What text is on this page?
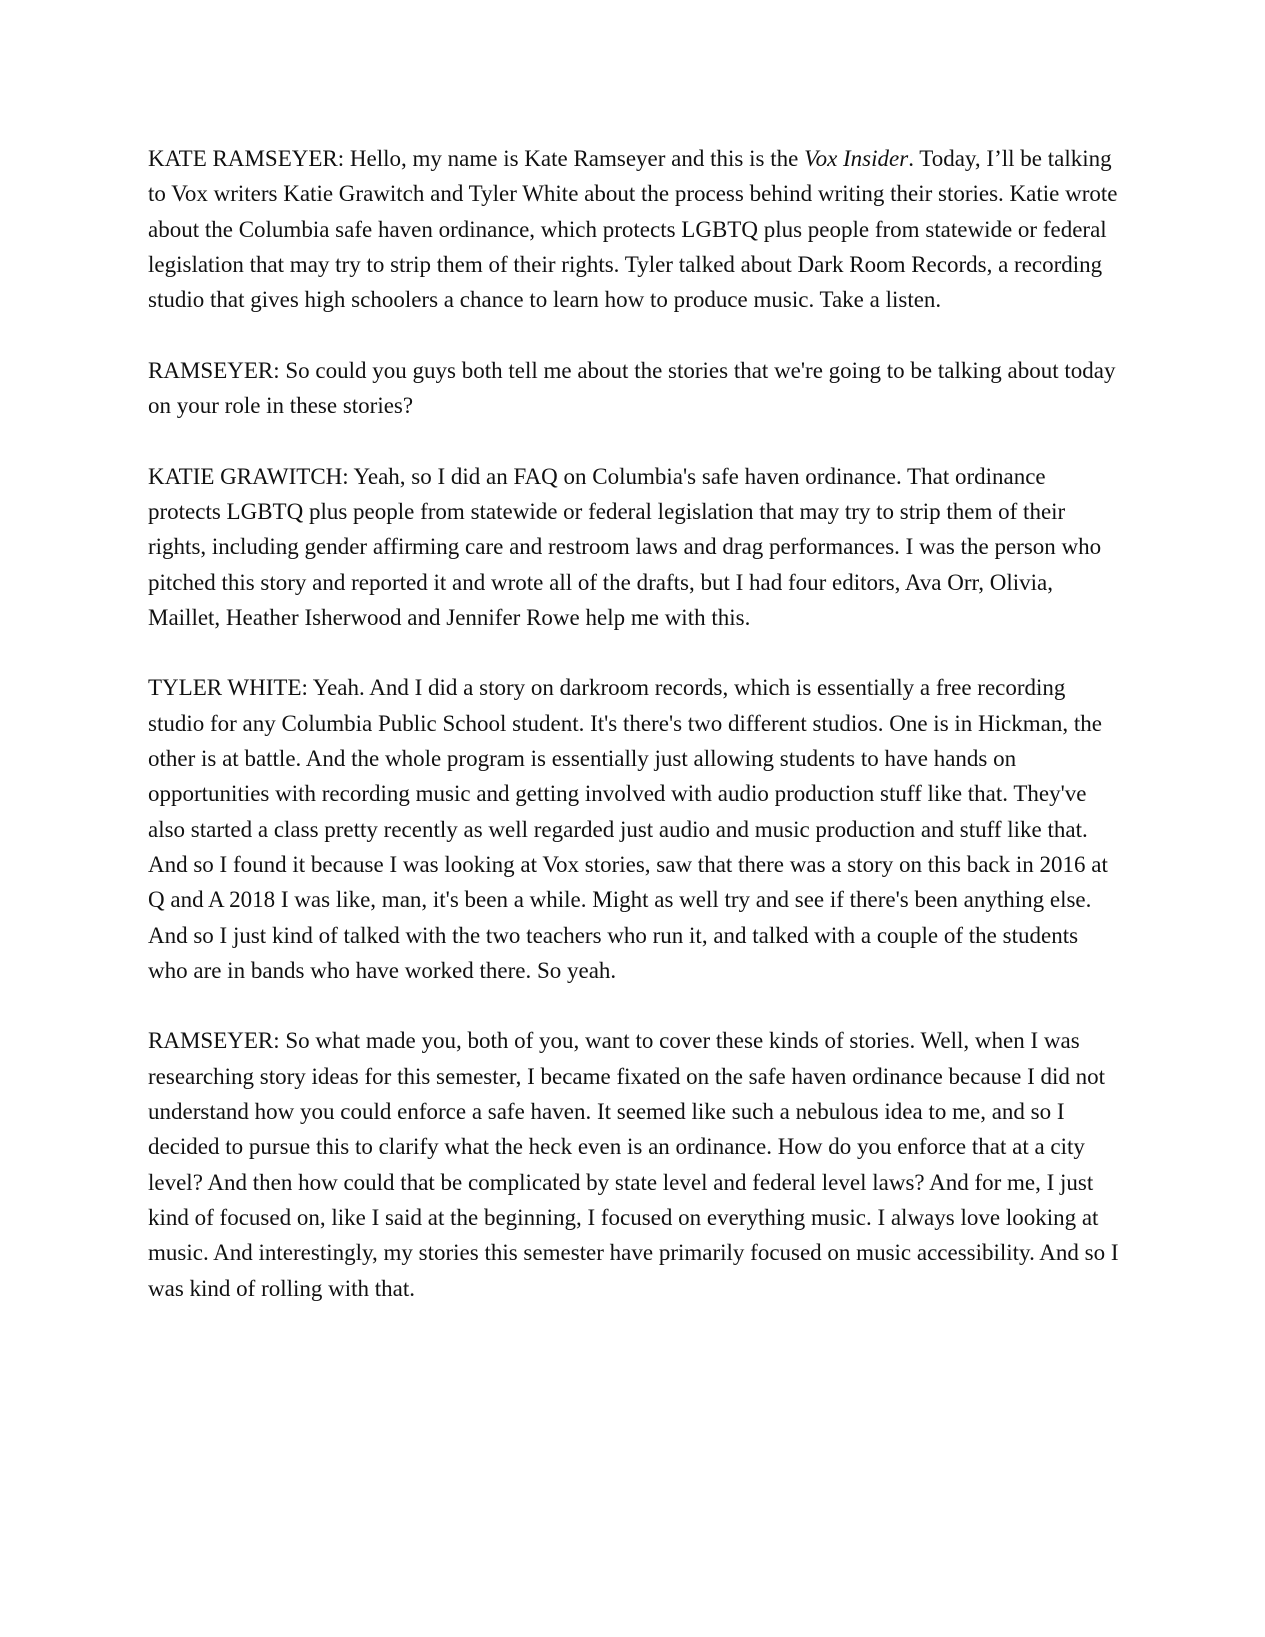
KATE RAMSEYER: Hello, my name is Kate Ramseyer and this is the Vox Insider. Today, I’ll be talking to Vox writers Katie Grawitch and Tyler White about the process behind writing their stories. Katie wrote about the Columbia safe haven ordinance, which protects LGBTQ plus people from statewide or federal legislation that may try to strip them of their rights. Tyler talked about Dark Room Records, a recording studio that gives high schoolers a chance to learn how to produce music. Take a listen.

RAMSEYER: So could you guys both tell me about the stories that we're going to be talking about today on your role in these stories?

KATIE GRAWITCH: Yeah, so I did an FAQ on Columbia's safe haven ordinance. That ordinance protects LGBTQ plus people from statewide or federal legislation that may try to strip them of their rights, including gender affirming care and restroom laws and drag performances. I was the person who pitched this story and reported it and wrote all of the drafts, but I had four editors, Ava Orr, Olivia, Maillet, Heather Isherwood and Jennifer Rowe help me with this.

TYLER WHITE: Yeah. And I did a story on darkroom records, which is essentially a free recording studio for any Columbia Public School student. It's there's two different studios. One is in Hickman, the other is at battle. And the whole program is essentially just allowing students to have hands on opportunities with recording music and getting involved with audio production stuff like that. They've also started a class pretty recently as well regarded just audio and music production and stuff like that. And so I found it because I was looking at Vox stories, saw that there was a story on this back in 2016 at Q and A 2018 I was like, man, it's been a while. Might as well try and see if there's been anything else. And so I just kind of talked with the two teachers who run it, and talked with a couple of the students who are in bands who have worked there. So yeah.

RAMSEYER: So what made you, both of you, want to cover these kinds of stories. Well, when I was researching story ideas for this semester, I became fixated on the safe haven ordinance because I did not understand how you could enforce a safe haven. It seemed like such a nebulous idea to me, and so I decided to pursue this to clarify what the heck even is an ordinance. How do you enforce that at a city level? And then how could that be complicated by state level and federal level laws? And for me, I just kind of focused on, like I said at the beginning, I focused on everything music. I always love looking at music. And interestingly, my stories this semester have primarily focused on music accessibility. And so I was kind of rolling with that.
